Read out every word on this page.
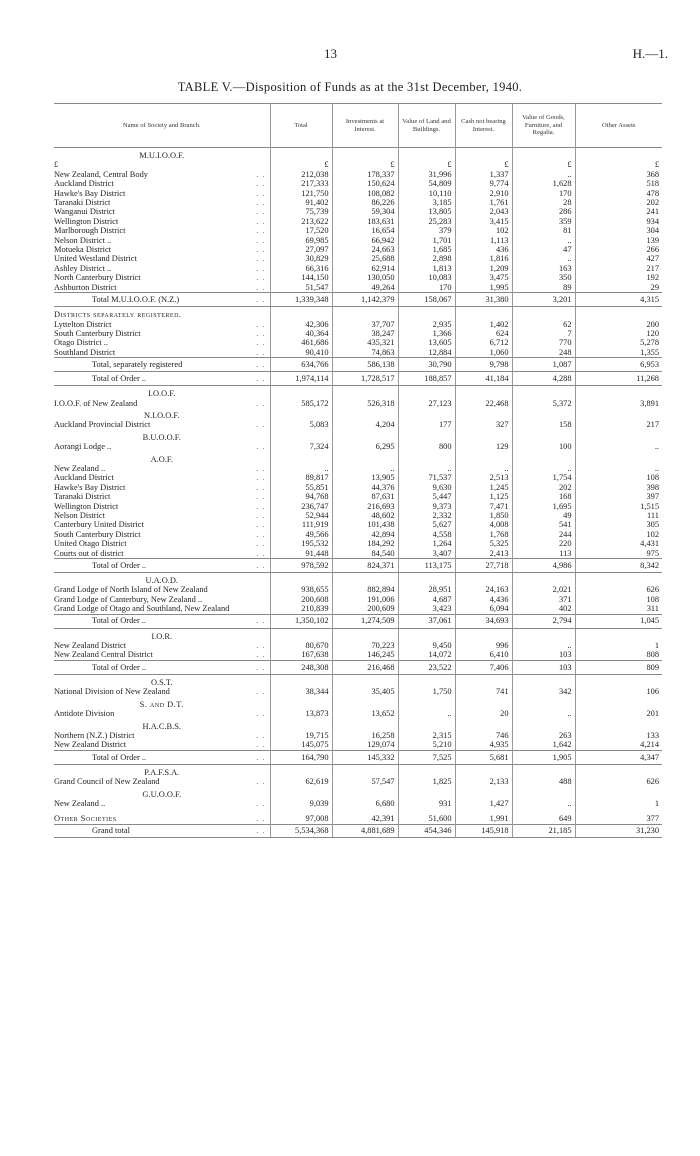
13	H.—1.
TABLE V.—Disposition of Funds as at the 31st December, 1940.
Name of Society and Branch.	Total	Investments at Interest.	Value of Land and Buildings.	Cash not bearing Interest.	Value of Goods, Furniture, and Regalia.	Other Assets

M.U.I.O.O.F.						

£	£	£	£	£	£	£

New Zealand, Central Body . .	212,038	178,337	31,996	1,337	..	368

Auckland District . .	217,333	150,624	54,809	9,774	1,628	518

Hawke's Bay District . .	121,750	108,082	10,110	2,910	170	478

Taranaki District . .	91,402	86,226	3,185	1,761	28	202

Wanganui District . .	75,739	59,304	13,805	2,043	286	241

Wellington District . .	213,622	183,631	25,283	3,415	359	934

Marlborough District . .	17,520	16,654	379	102	81	304

Nelson District .. . .	69,985	66,942	1,701	1,113	..	139

Motueka District . .	27,097	24,663	1,685	436	47	266

United Westland District . .	30,829	25,688	2,898	1,816	..	427

Ashley District .. . .	66,316	62,914	1,813	1,209	163	217

North Canterbury District . .	144,150	130,050	10,083	3,475	350	192

Ashburton District . .	51,547	49,264	170	1,995	89	29

Total M.U.I.O.O.F. (N.Z.) . .	1,339,348	1,142,379	158,067	31,380	3,201	4,315

Districts separately registered.						

Lyttelton District . .	42,306	37,707	2,935	1,402	62	200

South Canterbury District . .	40,364	38,247	1,366	624	7	120

Otago District .. . .	461,686	435,321	13,605	6,712	770	5,278

Southland District . .	90,410	74,863	12,884	1,060	248	1,355

Total, separately registered . .	634,766	586,138	30,790	9,798	1,087	6,953

Total of Order .. . .	1,974,114	1,728,517	188,857	41,184	4,288	11,268

I.O.O.F.						

I.O.O.F. of New Zealand . .	585,172	526,318	27,123	22,468	5,372	3,891

N.I.O.O.F.						

Auckland Provincial District . .	5,083	4,204	177	327	158	217

B.U.O.O.F.						

Aorangi Lodge .. . .	7,324	6,295	800	129	100	..

A.O.F.						

New Zealand .. . .	..	..	..	..	..	..

Auckland District . .	89,817	13,905	71,537	2,513	1,754	108

Hawke's Bay District . .	55,851	44,376	9,630	1,245	202	398

Taranaki District . .	94,768	87,631	5,447	1,125	168	397

Wellington District . .	236,747	216,693	9,373	7,471	1,695	1,515

Nelson District . .	52,944	48,602	2,332	1,850	49	111

Canterbury United District . .	111,919	101,438	5,627	4,008	541	305

South Canterbury District . .	49,566	42,894	4,558	1,768	244	102

United Otago District . .	195,532	184,292	1,264	5,325	220	4,431

Courts out of district . .	91,448	84,540	3,407	2,413	113	975

Total of Order .. . .	978,592	824,371	113,175	27,718	4,986	8,342

U.A.O.D.						

Grand Lodge of North Island of New Zealand	938,655	882,894	28,951	24,163	2,021	626

Grand Lodge of Canterbury, New Zealand ..	200,608	191,006	4,687	4,436	371	108

Grand Lodge of Otago and Southland, New Zealand	210,839	200,609	3,423	6,094	402	311

Total of Order .. . .	1,350,102	1,274,509	37,061	34,693	2,794	1,045

I.O.R.						

New Zealand District . .	80,670	70,223	9,450	996	..	1

New Zealand Central District . .	167,638	146,245	14,072	6,410	103	808

Total of Order .. . .	248,308	216,468	23,522	7,406	103	809

O.S.T.						

National Division of New Zealand . .	38,344	35,405	1,750	741	342	106

S. and D.T.						

Antidote Division . .	13,873	13,652	..	20	..	201

H.A.C.B.S.						

Northern (N.Z.) District . .	19,715	16,258	2,315	746	263	133

New Zealand District . .	145,075	129,074	5,210	4,935	1,642	4,214

Total of Order .. . .	164,790	145,332	7,525	5,681	1,905	4,347

P.A.F.S.A.						

Grand Council of New Zealand . .	62,619	57,547	1,825	2,133	488	626

G.U.O.O.F.						

New Zealand .. . .	9,039	6,680	931	1,427	..	1

Other Societies . .	97,008	42,391	51,600	1,991	649	377

Grand total . .	5,534,368	4,881,689	454,346	145,918	21,185	31,230
